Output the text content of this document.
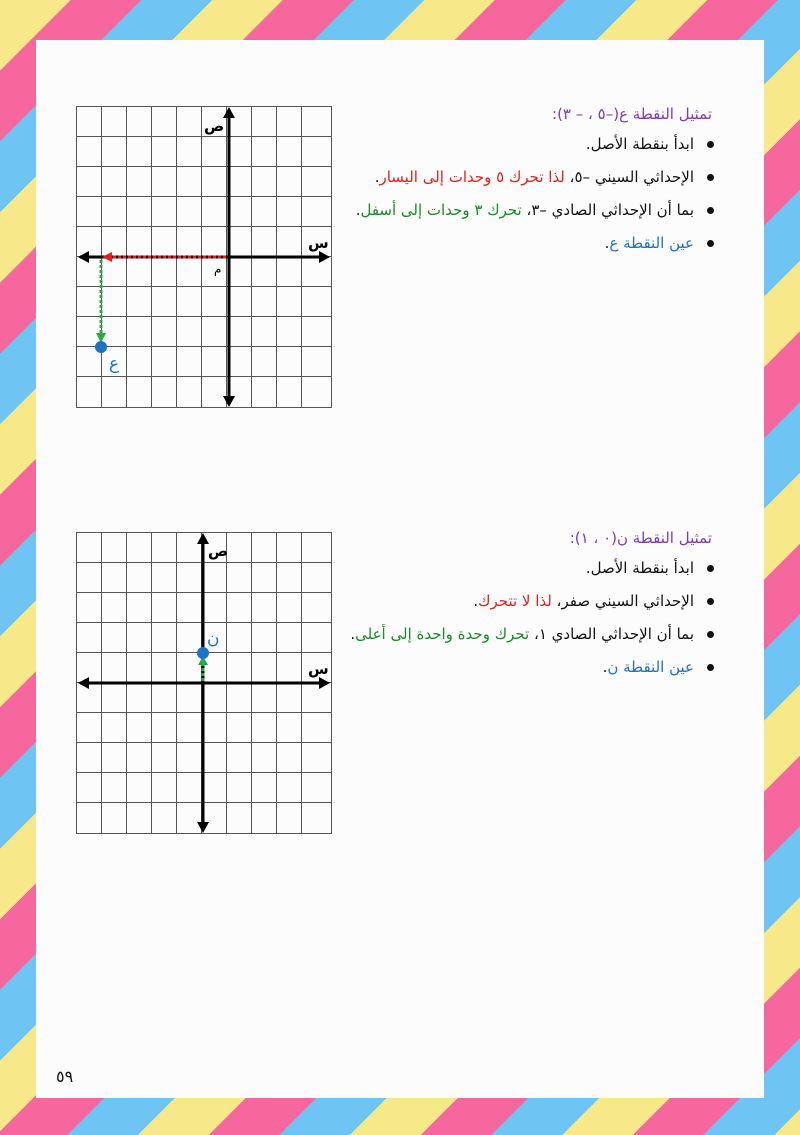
ص
س
م
ع

تمثيل النقطة ع(–٥ ، – ٣):

ابدأ بنقطة الأصل.
الإحداثي السيني –٥، لذا تحرك ٥ وحدات إلى اليسار.
بما أن الإحداثي الصادي –٣، تحرك ٣ وحدات إلى أسفل.
عين النقطة ع.
ص
س
ن

تمثيل النقطة ن(٠ ، ١):

ابدأ بنقطة الأصل.
الإحداثي السيني صفر، لذا لا تتحرك.
بما أن الإحداثي الصادي ١، تحرك وحدة واحدة إلى أعلى.
عين النقطة ن.
٥٩
